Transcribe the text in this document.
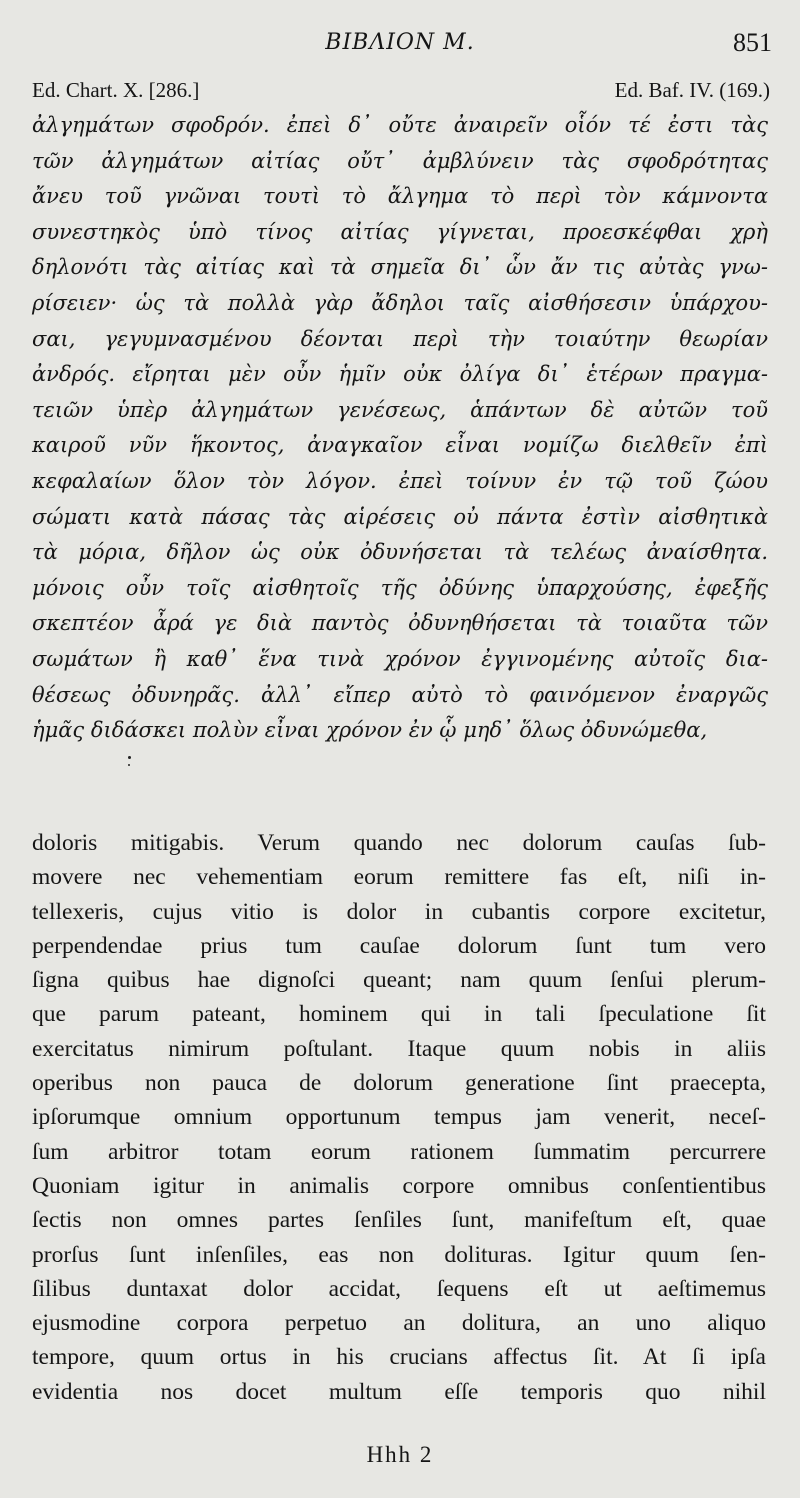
BIBΛΙΟΝ Μ.	851
Ed. Chart. X. [286.]	Ed. Baf. IV. (169.)
ἀλγημάτων σφοδρόν. ἐπεὶ δ᾽ οὔτε ἀναιρεῖν οἷόν τέ ἐστι τὰς
τῶν ἀλγημάτων αἰτίας οὔτ᾽ ἀμβλύνειν τὰς σφοδρότητας
ἄνευ τοῦ γνῶναι τουτὶ τὸ ἄλγημα τὸ περὶ τὸν κάμνοντα
συνεστηκὸς ὑπὸ τίνος αἰτίας γίγνεται, προεσκέφθαι χρὴ
δηλονότι τὰς αἰτίας καὶ τὰ σημεῖα δι᾽ ὧν ἄν τις αὐτὰς γνω-
ρίσειεν· ὡς τὰ πολλὰ γὰρ ἄδηλοι ταῖς αἰσθήσεσιν ὑπάρχου-
σαι, γεγυμνασμένου δέονται περὶ τὴν τοιαύτην θεωρίαν
ἀνδρός. εἴρηται μὲν οὖν ἡμῖν οὐκ ὀλίγα δι᾽ ἑτέρων πραγμα-
τειῶν ὑπὲρ ἀλγημάτων γενέσεως, ἁπάντων δὲ αὐτῶν τοῦ
καιροῦ νῦν ἥκοντος, ἀναγκαῖον εἶναι νομίζω διελθεῖν ἐπὶ
κεφαλαίων ὅλον τὸν λόγον. ἐπεὶ τοίνυν ἐν τῷ τοῦ ζώου
σώματι κατὰ πάσας τὰς αἱρέσεις οὐ πάντα ἐστὶν αἰσθητικὰ
τὰ μόρια, δῆλον ὡς οὐκ ὀδυνήσεται τὰ τελέως ἀναίσθητα.
μόνοις οὖν τοῖς αἰσθητοῖς τῆς ὀδύνης ὑπαρχούσης, ἐφεξῆς
σκεπτέον ἆρά γε διὰ παντὸς ὀδυνηθήσεται τὰ τοιαῦτα τῶν
σωμάτων ἢ καθ᾽ ἕνα τινὰ χρόνον ἐγγινομένης αὐτοῖς δια-
θέσεως ὀδυνηρᾶς. ἀλλ᾽ εἴπερ αὐτὸ τὸ φαινόμενον ἐναργῶς
ἡμᾶς διδάσκει πολὺν εἶναι χρόνον ἐν ᾧ μηδ᾽ ὅλως ὀδυνώμεθα,
doloris mitigabis. Verum quando nec dolorum cauſas ſub-
movere nec vehementiam eorum remittere fas eſt, niſi in-
tellexeris, cujus vitio is dolor in cubantis corpore excitetur,
perpendendae prius tum cauſae dolorum ſunt tum vero
ſigna quibus hae dignoſci queant; nam quum ſenſui plerum-
que parum pateant, hominem qui in tali ſpeculatione ſit
exercitatus nimirum poſtulant. Itaque quum nobis in aliis
operibus non pauca de dolorum generatione ſint praecepta,
ipſorumque omnium opportunum tempus jam venerit, neceſ-
ſum arbitror totam eorum rationem ſummatim percurrere
Quoniam igitur in animalis corpore omnibus conſentientibus
ſectis non omnes partes ſenſiles ſunt, manifeſtum eſt, quae
prorſus ſunt inſenſiles, eas non dolituras. Igitur quum ſen-
ſilibus duntaxat dolor accidat, ſequens eſt ut aeſtimemus
ejusmodine corpora perpetuo an dolitura, an uno aliquo
tempore, quum ortus in his crucians affectus ſit. At ſi ipſa
evidentia nos docet multum eſſe temporis quo nihil
Hhh 2
